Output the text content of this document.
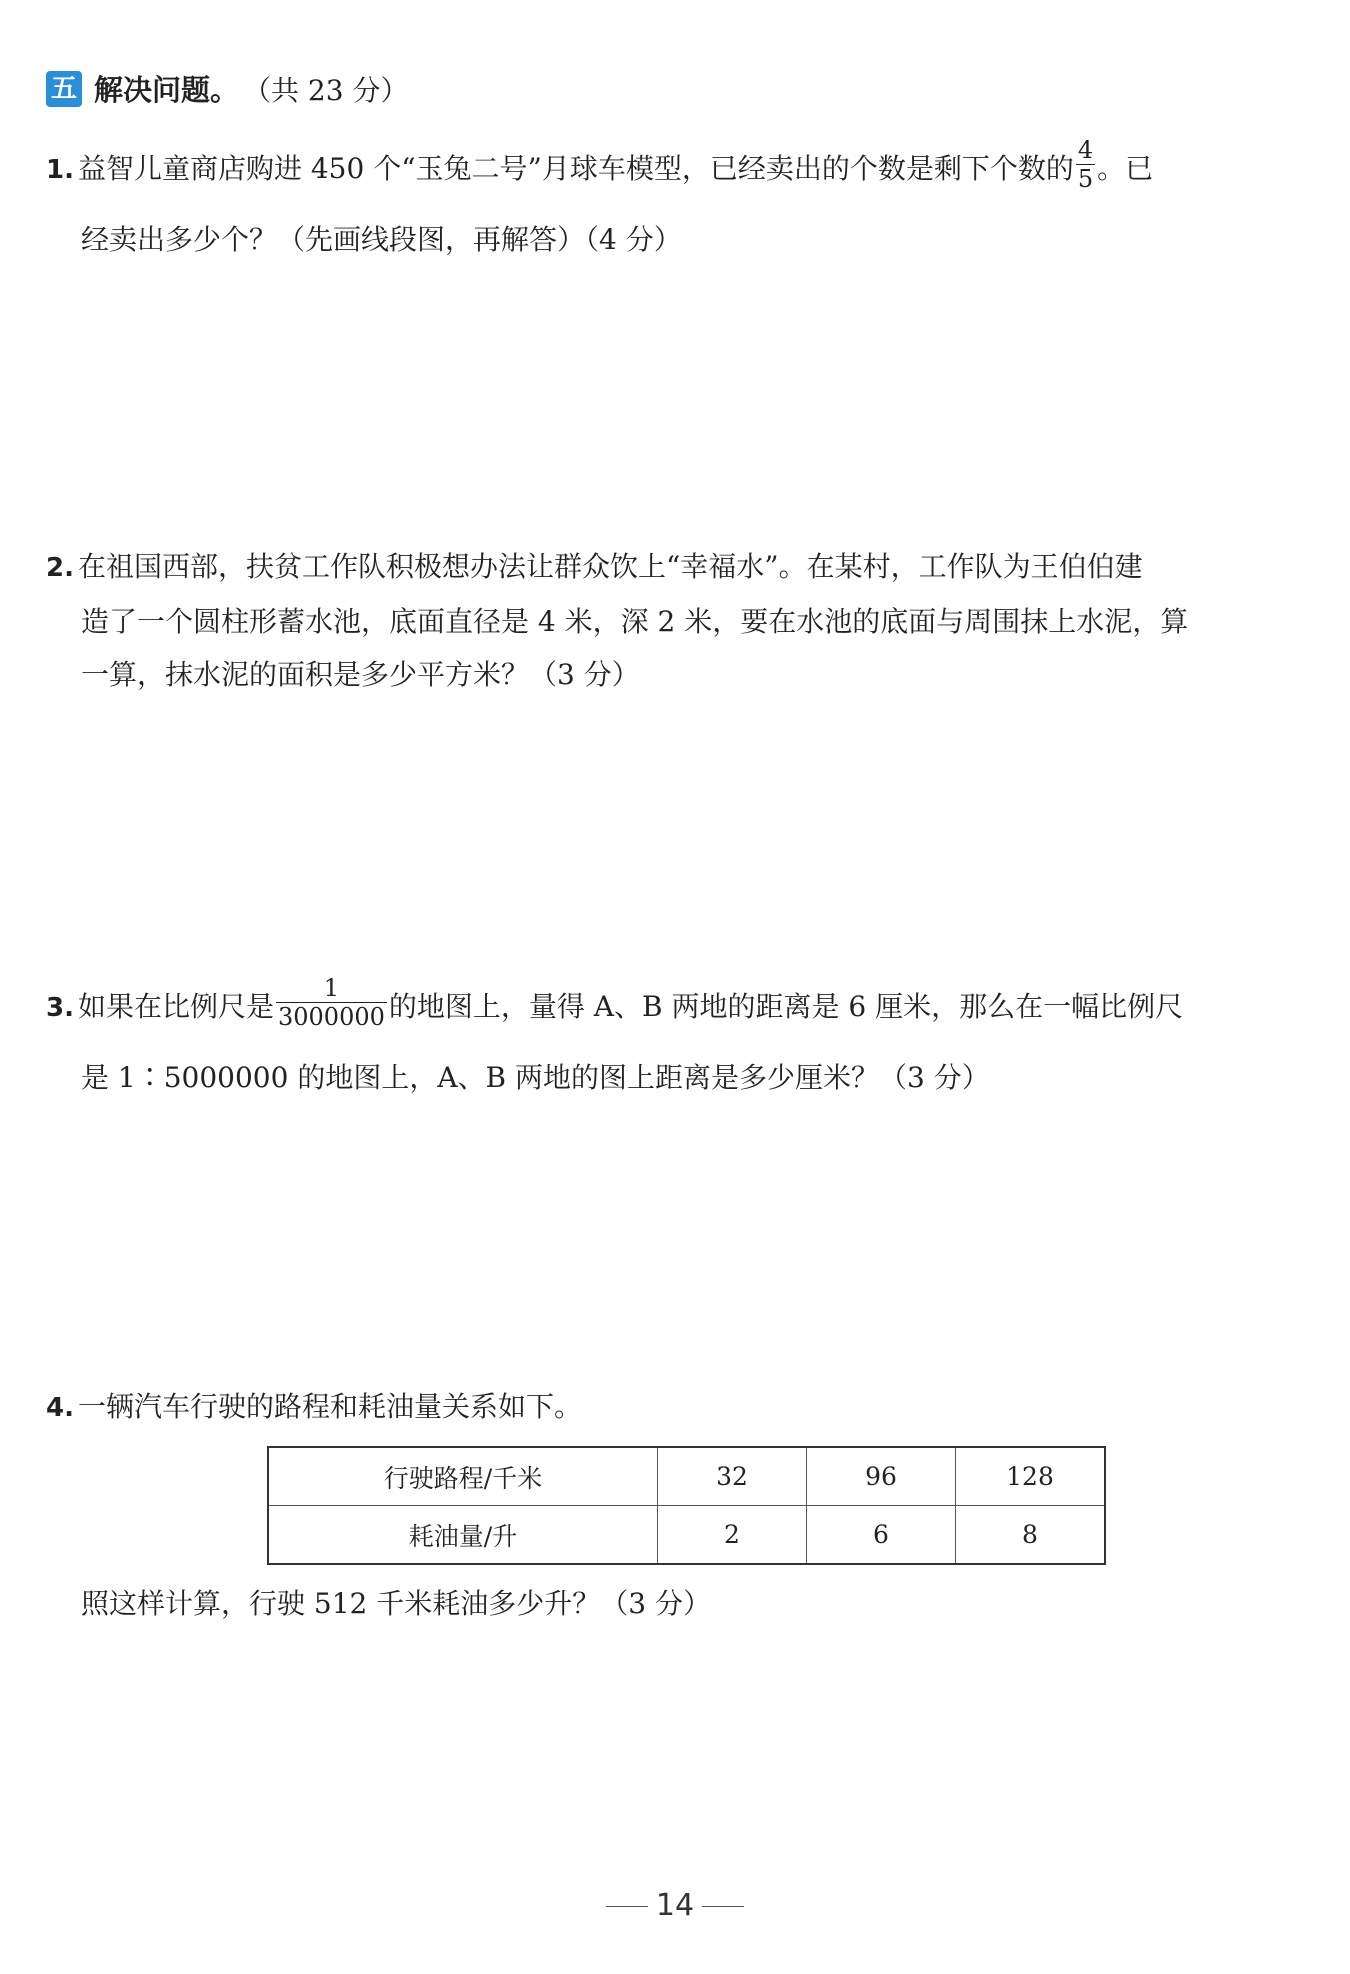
五 解决问题。 （共 23 分）
1. 益智儿童商店购进 450 个“玉兔二号”月球车模型，已经卖出的个数是剩下个数的 $\frac{4}{5}$ 。已
经卖出多少个？（先画线段图，再解答）（4 分）
2. 在祖国西部，扶贫工作队积极想办法让群众饮上“幸福水”。在某村，工作队为王伯伯建
造了一个圆柱形蓄水池，底面直径是 4 米，深 2 米，要在水池的底面与周围抹上水泥，算
一算，抹水泥的面积是多少平方米？（3 分）
3. 如果在比例尺是 $\frac{1}{3000000}$ 的地图上，量得 A、B 两地的距离是 6 厘米，那么在一幅比例尺
是 1∶5000000 的地图上，A、B 两地的图上距离是多少厘米？（3 分）
4. 一辆汽车行驶的路程和耗油量关系如下。
行驶路程/千米	32	96	128
耗油量/升	2	6	8
照这样计算，行驶 512 千米耗油多少升？（3 分）
14
